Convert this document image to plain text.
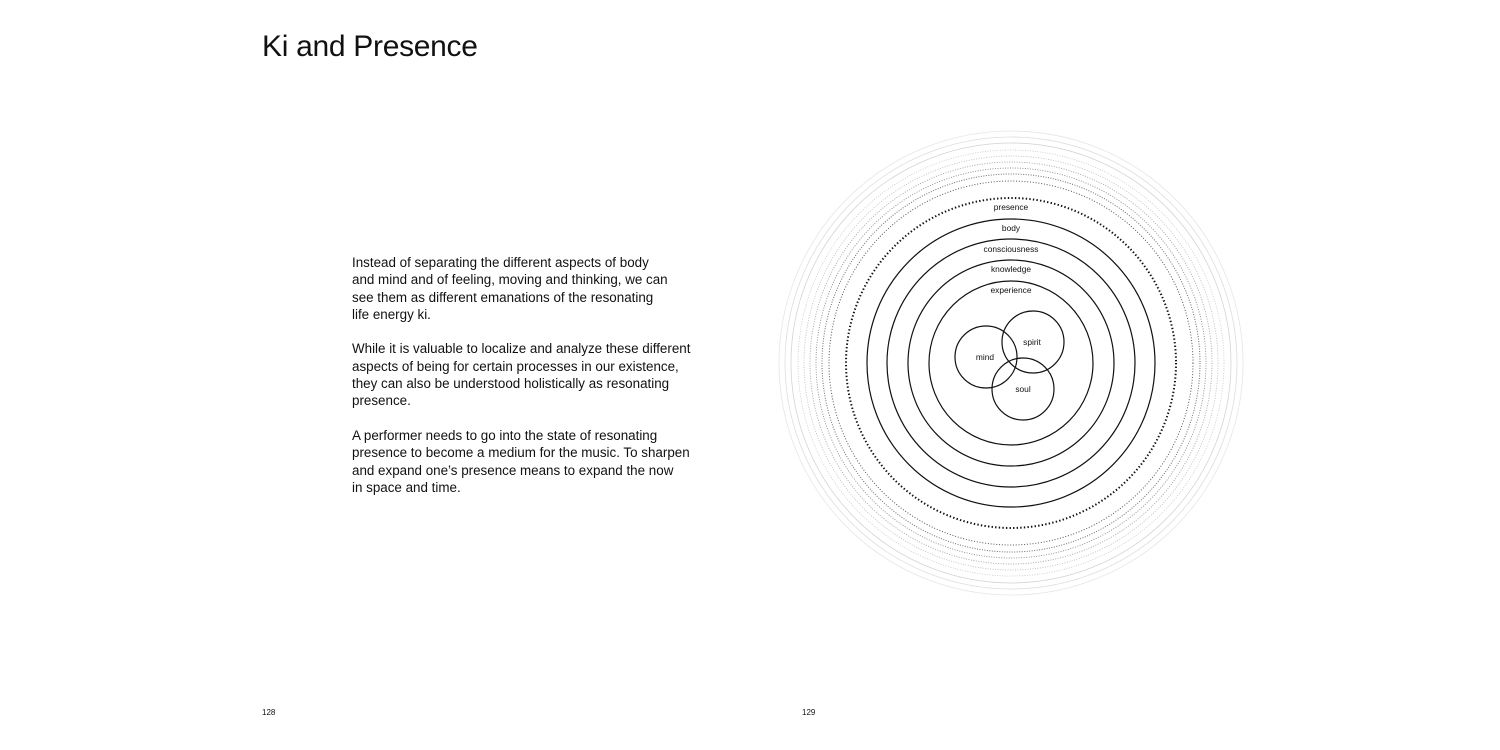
Ki and Presence

Instead of separating the different aspects of body
and mind and of feeling, moving and thinking, we can
see them as different emanations of the resonating
life energy ki.

While it is valuable to localize and analyze these different
aspects of being for certain processes in our existence,
they can also be understood holistically as resonating
presence.

A performer needs to go into the state of resonating
presence to become a medium for the music. To sharpen
and expand one’s presence means to expand the now
in space and time.

presence
body
consciousness
knowledge
experience
mind
spirit
soul
128	129
